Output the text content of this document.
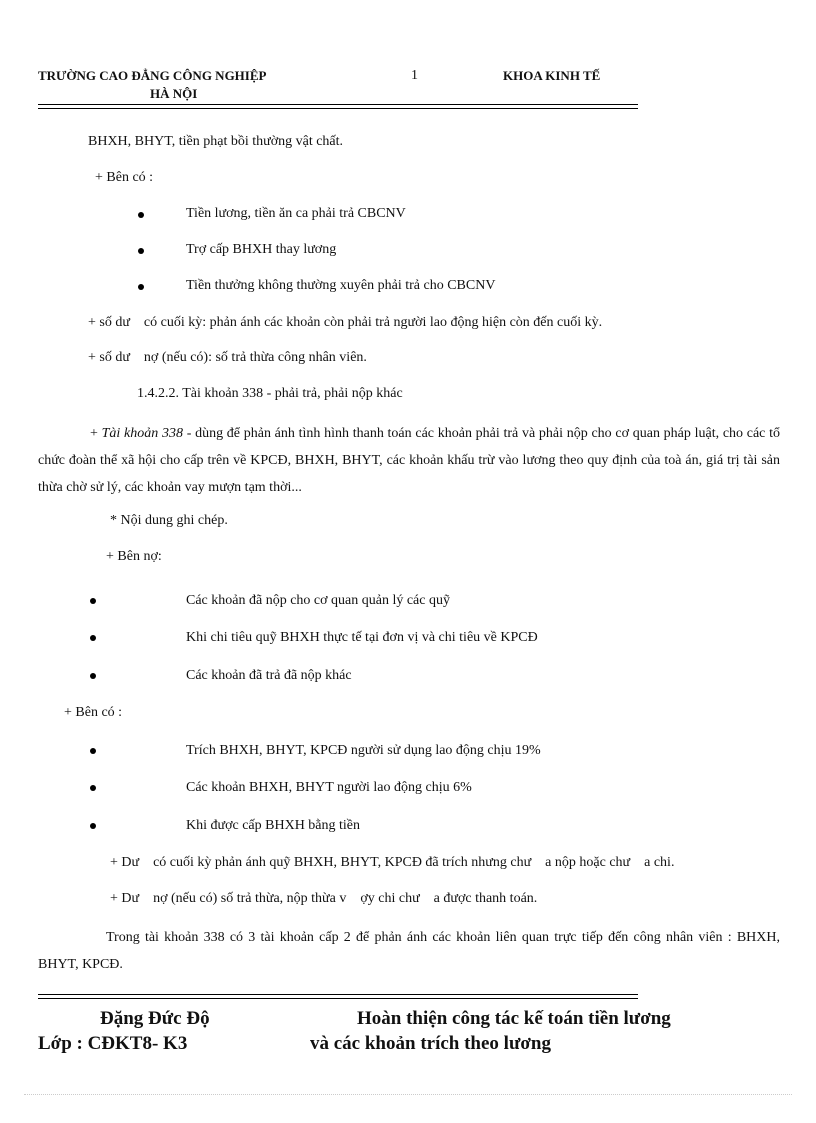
TRƯỜNG CAO ĐẲNG CÔNG NGHIỆP
HÀ NỘI
1	KHOA KINH TẾ
BHXH, BHYT, tiền phạt bồi thường vật chất.
+ Bên có :
Tiền lương, tiền ăn ca phải trả CBCNV
Trợ cấp BHXH thay lương
Tiền thưởng không thường xuyên phải trả cho CBCNV
+ số dư    có cuối kỳ: phản ánh các khoản còn phải trả người lao động hiện còn đến cuối kỳ.
+ số dư    nợ (nếu có): số trả thừa công nhân viên.
1.4.2.2. Tài khoản 338 - phải trả, phải nộp khác
+ Tài khoản 338 - dùng để phản ánh tình hình thanh toán các khoản phải trả và phải nộp cho cơ quan pháp luật, cho các tổ chức đoàn thể xã hội cho cấp trên về KPCĐ, BHXH, BHYT, các khoản khấu trừ vào lương theo quy định của toà án, giá trị tài sản thừa chờ sử lý, các khoản vay mượn tạm thời...
* Nội dung ghi chép.
+ Bên nợ:
Các khoản đã nộp cho cơ quan quản lý các quỹ
Khi chi tiêu quỹ BHXH thực tế tại đơn vị và chi tiêu về KPCĐ
Các khoản đã trả đã nộp khác
+ Bên có :
Trích BHXH, BHYT, KPCĐ người sử dụng lao động chịu 19%
Các khoản BHXH, BHYT người lao động chịu 6%
Khi được cấp BHXH bằng tiền
+ Dư    có cuối kỳ phản ánh quỹ BHXH, BHYT, KPCĐ đã trích nhưng chư    a nộp hoặc chư    a chi.
+ Dư    nợ (nếu có) số trả thừa, nộp thừa v    ợy chi chư    a được thanh toán.
Trong tài khoản 338 có 3 tài khoản cấp 2 để phản ánh các khoản liên quan trực tiếp đến công nhân viên : BHXH, BHYT, KPCĐ.
Đặng Đức Độ
Lớp : CĐKT8- K3
Hoàn thiện công tác kế toán tiền lương
và các khoản trích theo lương
